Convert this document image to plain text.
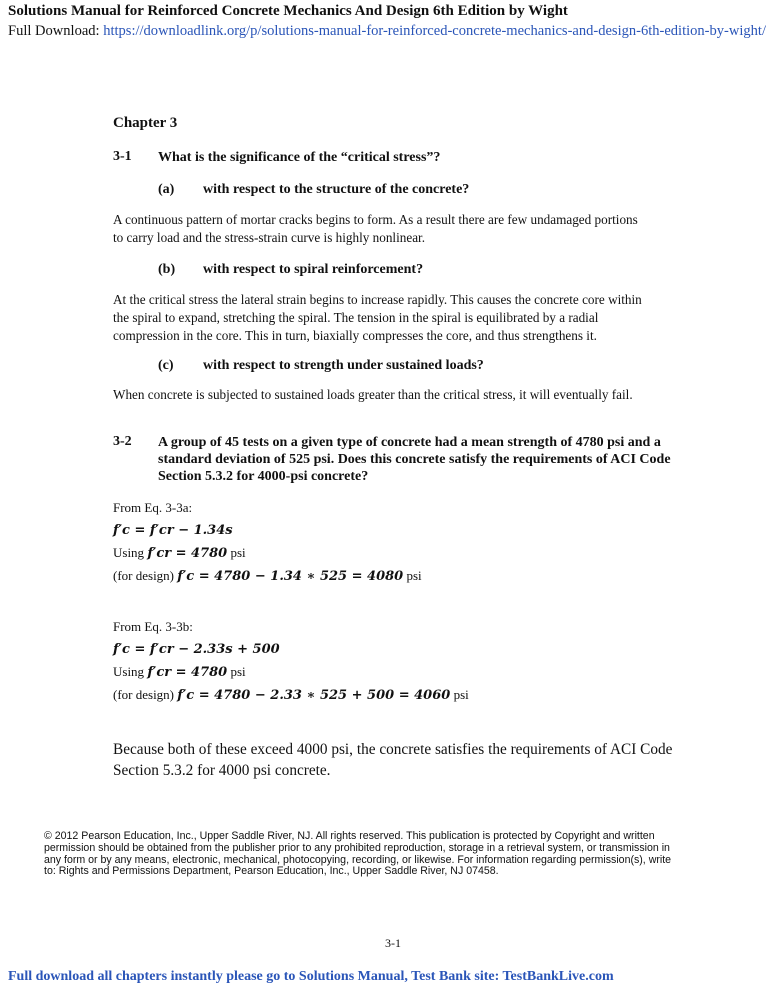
Solutions Manual for Reinforced Concrete Mechanics And Design 6th Edition by Wight
Full Download: https://downloadlink.org/p/solutions-manual-for-reinforced-concrete-mechanics-and-design-6th-edition-by-wight/
Chapter 3
3-1 What is the significance of the “critical stress”?
(a) with respect to the structure of the concrete?
A continuous pattern of mortar cracks begins to form. As a result there are few undamaged portions
to carry load and the stress-strain curve is highly nonlinear.
(b) with respect to spiral reinforcement?
At the critical stress the lateral strain begins to increase rapidly. This causes the concrete core within
the spiral to expand, stretching the spiral. The tension in the spiral is equilibrated by a radial
compression in the core. This in turn, biaxially compresses the core, and thus strengthens it.
(c) with respect to strength under sustained loads?
When concrete is subjected to sustained loads greater than the critical stress, it will eventually fail.
3-2 A group of 45 tests on a given type of concrete had a mean strength of 4780 psi and a
standard deviation of 525 psi. Does this concrete satisfy the requirements of ACI Code
Section 5.3.2 for 4000-psi concrete?
From Eq. 3-3a:
f′c = f′cr − 1.34s
Using f′cr = 4780 psi
(for design) f′c = 4780 − 1.34 ∗ 525 = 4080 psi
From Eq. 3-3b:
f′c = f′cr − 2.33s + 500
Using f′cr = 4780 psi
(for design) f′c = 4780 − 2.33 ∗ 525 + 500 = 4060 psi
Because both of these exceed 4000 psi, the concrete satisfies the requirements of ACI Code
Section 5.3.2 for 4000 psi concrete.
© 2012 Pearson Education, Inc., Upper Saddle River, NJ. All rights reserved. This publication is protected by Copyright and written
permission should be obtained from the publisher prior to any prohibited reproduction, storage in a retrieval system, or transmission in
any form or by any means, electronic, mechanical, photocopying, recording, or likewise. For information regarding permission(s), write
to: Rights and Permissions Department, Pearson Education, Inc., Upper Saddle River, NJ 07458.
3-1
Full download all chapters instantly please go to Solutions Manual, Test Bank site: TestBankLive.com
